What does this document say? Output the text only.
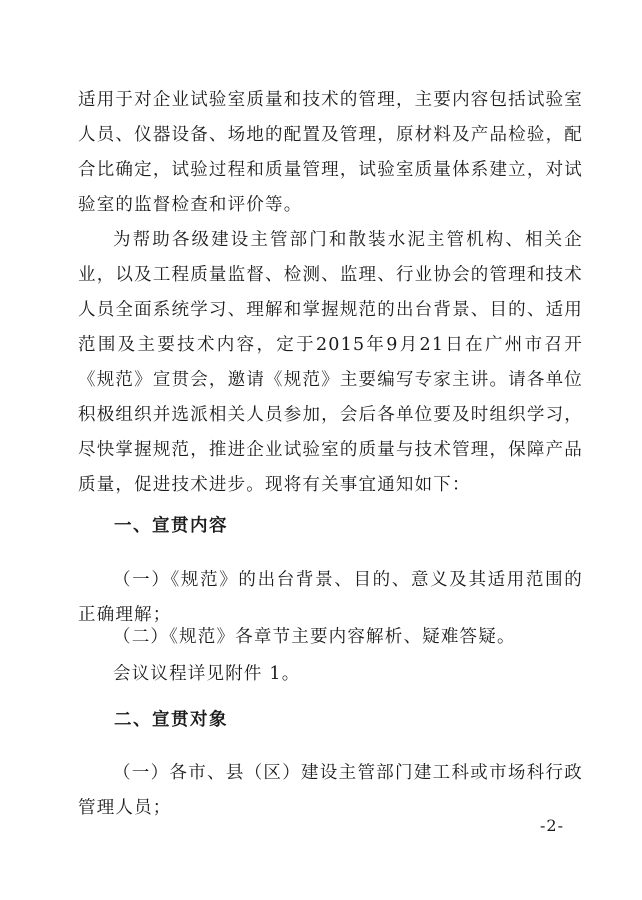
适用于对企业试验室质量和技术的管理，主要内容包括试验室人员、仪器设备、场地的配置及管理，原材料及产品检验，配合比确定，试验过程和质量管理，试验室质量体系建立，对试验室的监督检查和评价等。

为帮助各级建设主管部门和散装水泥主管机构、相关企业，以及工程质量监督、检测、监理、行业协会的管理和技术人员全面系统学习、理解和掌握规范的出台背景、目的、适用范围及主要技术内容，定于2015年9月21日在广州市召开《规范》宣贯会，邀请《规范》主要编写专家主讲。请各单位积极组织并选派相关人员参加，会后各单位要及时组织学习，尽快掌握规范，推进企业试验室的质量与技术管理，保障产品质量，促进技术进步。现将有关事宜通知如下：

一、宣贯内容

（一）《规范》的出台背景、目的、意义及其适用范围的正确理解；

（二）《规范》各章节主要内容解析、疑难答疑。

会议议程详见附件 1。

二、宣贯对象

（一）各市、县（区）建设主管部门建工科或市场科行政管理人员；

-2-
